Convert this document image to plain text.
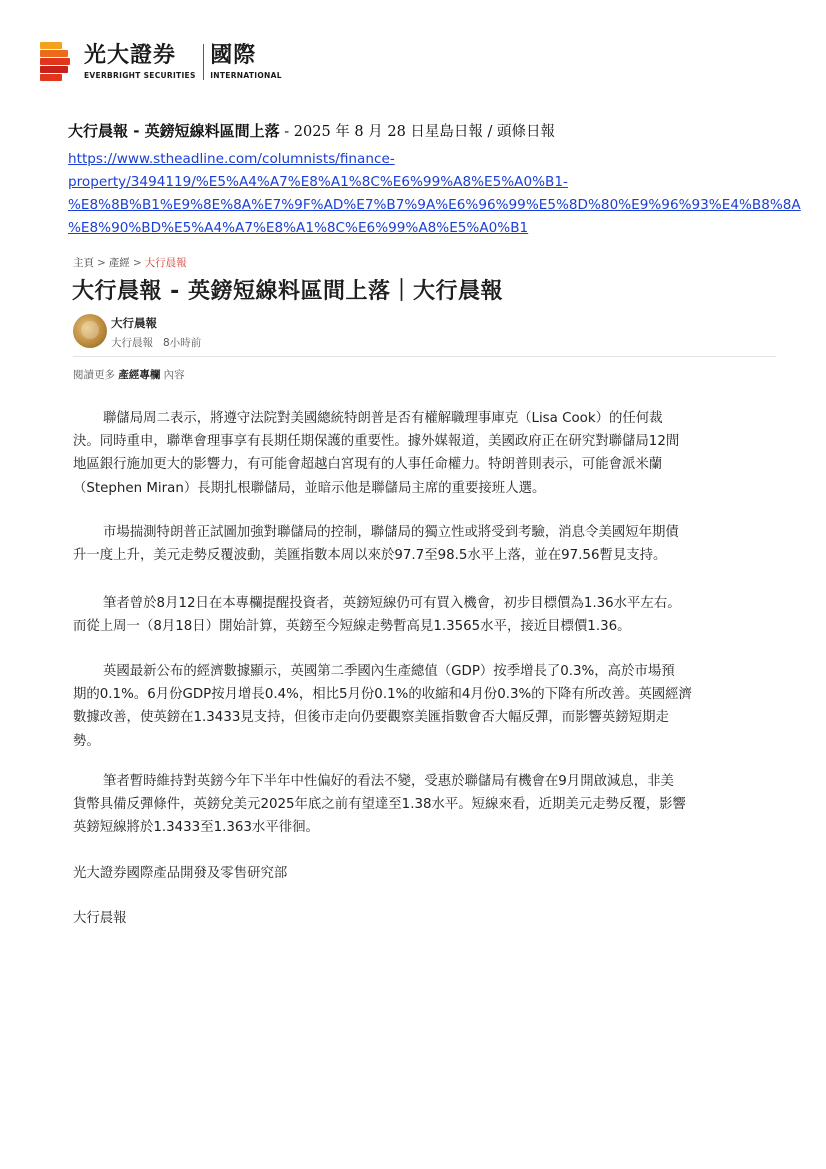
光大證券
EVERBRIGHT SECURITIES
國際
INTERNATIONAL
大行晨報 - 英鎊短線料區間上落 - 2025 年 8 月 28 日星島日報 / 頭條日報
https://www.stheadline.com/columnists/finance-
property/3494119/%E5%A4%A7%E8%A1%8C%E6%99%A8%E5%A0%B1-
%E8%8B%B1%E9%8E%8A%E7%9F%AD%E7%B7%9A%E6%96%99%E5%8D%80%E9%96%93%E4%B8%8A
%E8%90%BD%E5%A4%A7%E8%A1%8C%E6%99%A8%E5%A0%B1
主頁 > 產經 > 大行晨報
大行晨報 - 英鎊短線料區間上落｜大行晨報
大行晨報
大行晨報 8小時前
閱讀更多 產經專欄 內容
聯儲局周二表示，將遵守法院對美國總統特朗普是否有權解職理事庫克（Lisa Cook）的任何裁
決。同時重申，聯準會理事享有長期任期保護的重要性。據外媒報道，美國政府正在研究對聯儲局12間
地區銀行施加更大的影響力，有可能會超越白宮現有的人事任命權力。特朗普則表示，可能會派米蘭
（Stephen Miran）長期扎根聯儲局，並暗示他是聯儲局主席的重要接班人選。
市場揣測特朗普正試圖加強對聯儲局的控制，聯儲局的獨立性或將受到考驗，消息令美國短年期債
升一度上升，美元走勢反覆波動，美匯指數本周以來於97.7至98.5水平上落，並在97.56暫見支持。
筆者曾於8月12日在本專欄提醒投資者，英鎊短線仍可有買入機會，初步目標價為1.36水平左右。
而從上周一（8月18日）開始計算，英鎊至今短線走勢暫高見1.3565水平，接近目標價1.36。
英國最新公布的經濟數據顯示，英國第二季國內生產總值（GDP）按季增長了0.3%，高於市場預
期的0.1%。6月份GDP按月增長0.4%，相比5月份0.1%的收縮和4月份0.3%的下降有所改善。英國經濟
數據改善，使英鎊在1.3433見支持，但後市走向仍要觀察美匯指數會否大幅反彈，而影響英鎊短期走
勢。
筆者暫時維持對英鎊今年下半年中性偏好的看法不變，受惠於聯儲局有機會在9月開啟減息，非美
貨幣具備反彈條件，英鎊兌美元2025年底之前有望達至1.38水平。短線來看，近期美元走勢反覆，影響
英鎊短線將於1.3433至1.363水平徘徊。
光大證券國際產品開發及零售研究部
大行晨報
